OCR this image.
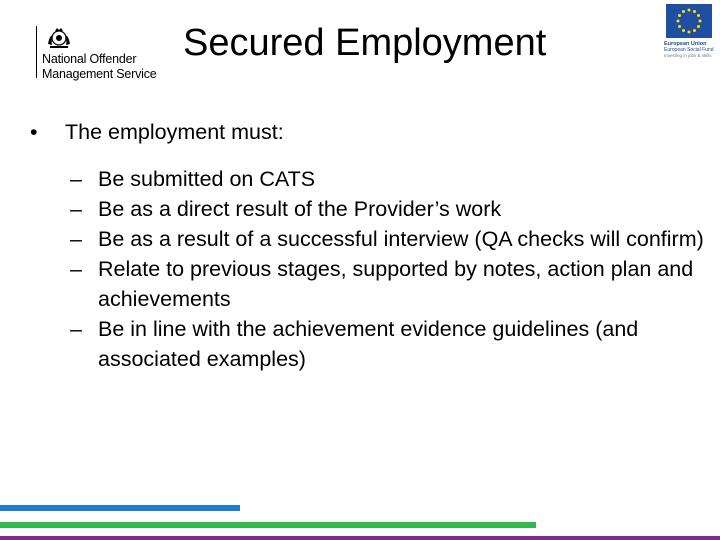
National Offender
Management Service
Secured Employment	European Union
European Social Fund
Investing in jobs & skills
• The employment must:
– Be submitted on CATS
– Be as a direct result of the Provider’s work
– Be as a result of a successful interview (QA checks will confirm)
– Relate to previous stages, supported by notes, action plan and achievements
– Be in line with the achievement evidence guidelines (and associated examples)
